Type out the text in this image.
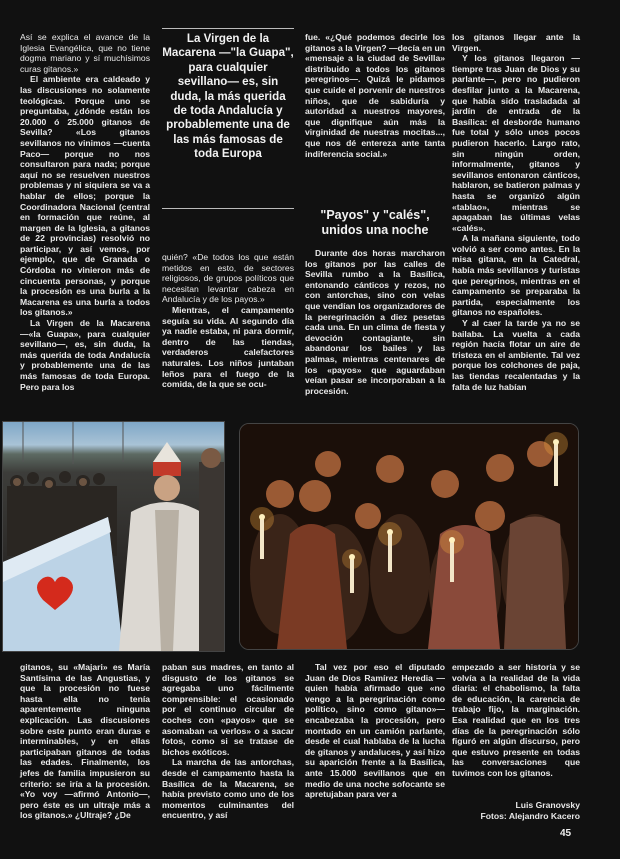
Así se explica el avance de la Iglesia Evangélica, que no tiene dogma mariano y sí muchísimos curas gitanos.»

El ambiente era caldeado y las discusiones no solamente teológicas. Porque uno se preguntaba, ¿dónde están los 20.000 ó 25.000 gitanos de Sevilla? «Los gitanos sevillanos no vinimos —cuenta Paco— porque no nos consultaron para nada; porque aquí no se resuelven nuestros problemas y ni siquiera se va a hablar de ellos; porque la Coordinadora Nacional (central en formación que reúne, al margen de la Iglesia, a gitanos de 22 provincias) resolvió no participar, y así vemos, por ejemplo, que de Granada o Córdoba no vinieron más de cincuenta personas, y porque la procesión es una burla a la Macarena es una burla a todos los gitanos.»

La Virgen de la Macarena —«la Guapa», para cualquier sevillano—, es, sin duda, la más querida de toda Andalucía y probablemente una de las más famosas de toda Europa. Pero para los

La Virgen de la Macarena —"la Guapa", para cualquier sevillano— es, sin duda, la más querida de toda Andalucía y probablemente una de las más famosas de toda Europa

quién? «De todos los que están metidos en esto, de sectores religiosos, de grupos políticos que necesitan levantar cabeza en Andalucía y de los payos.»

Mientras, el campamento seguía su vida. Al segundo día ya nadie estaba, ni para dormir, dentro de las tiendas, verdaderos calefactores naturales. Los niños juntaban leños para el fuego de la comida, de la que se ocu-

fue. «¿Qué podemos decirle los gitanos a la Virgen? —decía en un «mensaje a la ciudad de Sevilla» distribuido a todos los gitanos peregrinos—. Quizá le pidamos que cuide el porvenir de nuestros niños, que de sabiduría y autoridad a nuestros mayores, que dignifique aún más la virginidad de nuestras mocitas..., que nos dé entereza ante tanta indiferencia social.»

"Payos" y "calés", unidos una noche

Durante dos horas marcharon los gitanos por las calles de Sevilla rumbo a la Basílica, entonando cánticos y rezos, no con antorchas, sino con velas que vendían los organizadores de la peregrinación a diez pesetas cada una. En un clima de fiesta y devoción contagiante, sin abandonar los bailes y las palmas, mientras centenares de los «payos» que aguardaban veían pasar se incorporaban a la procesión.

los gitanos llegar ante la Virgen.

Y los gitanos llegaron —tiempre tras Juan de Dios y su parlante—, pero no pudieron desfilar junto a la Macarena, que había sido trasladada al jardín de entrada de la Basílica: el desborde humano fue total y sólo unos pocos pudieron hacerlo. Largo rato, sin ningún orden, informalmente, gitanos y sevillanos entonaron cánticos, hablaron, se batieron palmas y hasta se organizó algún «tablao», mientras se apagaban las últimas velas «calés».

A la mañana siguiente, todo volvió a ser como antes. En la misa gitana, en la Catedral, había más sevillanos y turistas que peregrinos, mientras en el campamento se preparaba la partida, especialmente los gitanos no españoles.

Y al caer la tarde ya no se bailaba. La vuelta a cada región hacía flotar un aire de tristeza en el ambiente. Tal vez porque los colchones de paja, las tiendas recalentadas y la falta de luz habían

gitanos, su «Majari» es María Santísima de las Angustias, y que la procesión no fuese hasta ella no tenía aparentemente ninguna explicación. Las discusiones sobre este punto eran duras e interminables, y en ellas participaban gitanos de todas las edades. Finalmente, los jefes de familia impusieron su criterio: se iría a la procesión. «Yo voy —afirmó Antonio—, pero éste es un ultraje más a los gitanos.» ¿Ultraje? ¿De

paban sus madres, en tanto al disgusto de los gitanos se agregaba uno fácilmente comprensible: el ocasionado por el continuo circular de coches con «payos» que se asomaban «a verlos» o a sacar fotos, como si se tratase de bichos exóticos.

La marcha de las antorchas, desde el campamento hasta la Basílica de la Macarena, se había previsto como uno de los momentos culminantes del encuentro, y así

Tal vez por eso el diputado Juan de Dios Ramírez Heredia —quien había afirmado que «no vengo a la peregrinación como político, sino como gitano»— encabezaba la procesión, pero montado en un camión parlante, desde el cual hablaba de la lucha de gitanos y andaluces, y así hizo su aparición frente a la Basílica, ante 15.000 sevillanos que en medio de una noche sofocante se apretujaban para ver a

empezado a ser historia y se volvía a la realidad de la vida diaria: el chabolismo, la falta de educación, la carencia de trabajo fijo, la marginación. Esa realidad que en los tres días de la peregrinación sólo figuró en algún discurso, pero que estuvo presente en todas las conversaciones que tuvimos con los gitanos.

Luis Granovsky
Fotos: Alejandro Kacero
45
